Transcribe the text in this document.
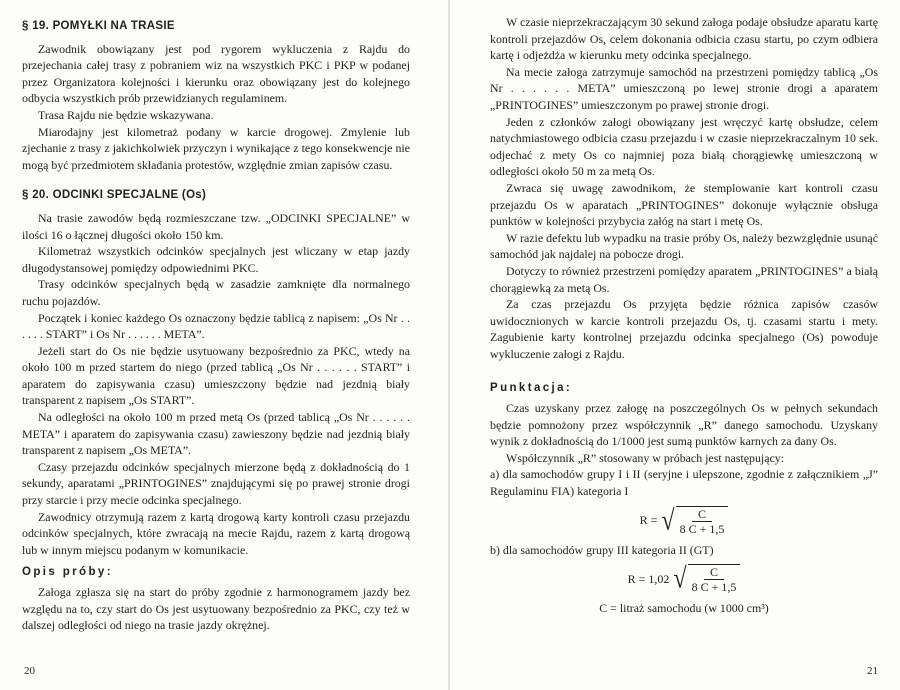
§ 19. POMYŁKI NA TRASIE

Zawodnik obowiązany jest pod rygorem wykluczenia z Rajdu do przejechania całej trasy z pobraniem wiz na wszystkich PKC i PKP w podanej przez Organizatora kolejności i kierunku oraz obowiązany jest do kolejnego odbycia wszystkich prób przewidzianych regulaminem.

Trasa Rajdu nie będzie wskazywana.

Miarodajny jest kilometraż podany w karcie drogowej. Zmylenie lub zjechanie z trasy z jakichkolwiek przyczyn i wynikające z tego konsekwencje nie mogą być przedmiotem składania protestów, względnie zmian zapisów czasu.

§ 20. ODCINKI SPECJALNE (Os)

Na trasie zawodów będą rozmieszczane tzw. „ODCINKI SPECJALNE” w ilości 16 o łącznej długości około 150 km.

Kilometraż wszystkich odcinków specjalnych jest wliczany w etap jazdy długodystansowej pomiędzy odpowiednimi PKC.

Trasy odcinków specjalnych będą w zasadzie zamknięte dla normalnego ruchu pojazdów.

Początek i koniec każdego Os oznaczony będzie tablicą z napisem: „Os Nr . . . . . . START” i Os Nr . . . . . . META”.

Jeżeli start do Os nie będzie usytuowany bezpośrednio za PKC, wtedy na około 100 m przed startem do niego (przed tablicą „Os Nr . . . . . . START” i aparatem do zapisywania czasu) umieszczony będzie nad jezdnią biały transparent z napisem „Os START”.

Na odległości na około 100 m przed metą Os (przed tablicą „Os Nr . . . . . . META” i aparatem do zapisywania czasu) zawieszony będzie nad jezdnią biały transparent z napisem „Os META”.

Czasy przejazdu odcinków specjalnych mierzone będą z dokładnością do 1 sekundy, aparatami „PRINTOGINES” znajdującymi się po prawej stronie drogi przy starcie i przy mecie odcinka specjalnego.

Zawodnicy otrzymują razem z kartą drogową karty kontroli czasu przejazdu odcinków specjalnych, które zwracają na mecie Rajdu, razem z kartą drogową lub w innym miejscu podanym w komunikacie.

Opis próby:

Załoga zgłasza się na start do próby zgodnie z harmonogramem jazdy bez względu na to, czy start do Os jest usytuowany bezpośrednio za PKC, czy też w dalszej odległości od niego na trasie jazdy okrężnej.

20

W czasie nieprzekraczającym 30 sekund załoga podaje obsłudze aparatu kartę kontroli przejazdów Os, celem dokonania odbicia czasu startu, po czym odbiera kartę i odjeżdża w kierunku mety odcinka specjalnego.

Na mecie załoga zatrzymuje samochód na przestrzeni pomiędzy tablicą „Os Nr . . . . . . META” umieszczoną po lewej stronie drogi a aparatem „PRINTOGINES” umieszczonym po prawej stronie drogi.

Jeden z członków załogi obowiązany jest wręczyć kartę obsłudze, celem natychmiastowego odbicia czasu przejazdu i w czasie nieprzekraczalnym 10 sek. odjechać z mety Os co najmniej poza białą chorągiewkę umieszczoną w odległości około 50 m za metą Os.

Zwraca się uwagę zawodnikom, że stemplowanie kart kontroli czasu przejazdu Os w aparatach „PRINTOGINES” dokonuje wyłącznie obsługa punktów w kolejności przybycia załóg na start i metę Os.

W razie defektu lub wypadku na trasie próby Os, należy bezwzględnie usunąć samochód jak najdalej na pobocze drogi.

Dotyczy to również przestrzeni pomiędzy aparatem „PRINTOGINES” a białą chorągiewką za metą Os.

Za czas przejazdu Os przyjęta będzie różnica zapisów czasów uwidocznionych w karcie kontroli przejazdu Os, tj. czasami startu i mety. Zagubienie karty kontrolnej przejazdu odcinka specjalnego (Os) powoduje wykluczenie załogi z Rajdu.

Punktacja:

Czas uzyskany przez załogę na poszczególnych Os w pełnych sekundach będzie pomnożony przez współczynnik „R” danego samochodu. Uzyskany wynik z dokładnością do 1/1000 jest sumą punktów karnych za dany Os.

Współczynnik „R” stosowany w próbach jest następujący:

a) dla samochodów grupy I i II (seryjne i ulepszone, zgodnie z załącznikiem „J” Regulaminu FIA) kategoria I

R = √ $\frac{C}{8 C + 1,5}$

b) dla samochodów grupy III kategoria II (GT)

R = 1,02 √ $\frac{C}{8 C + 1,5}$

C = litraż samochodu (w 1000 cm³)

21
